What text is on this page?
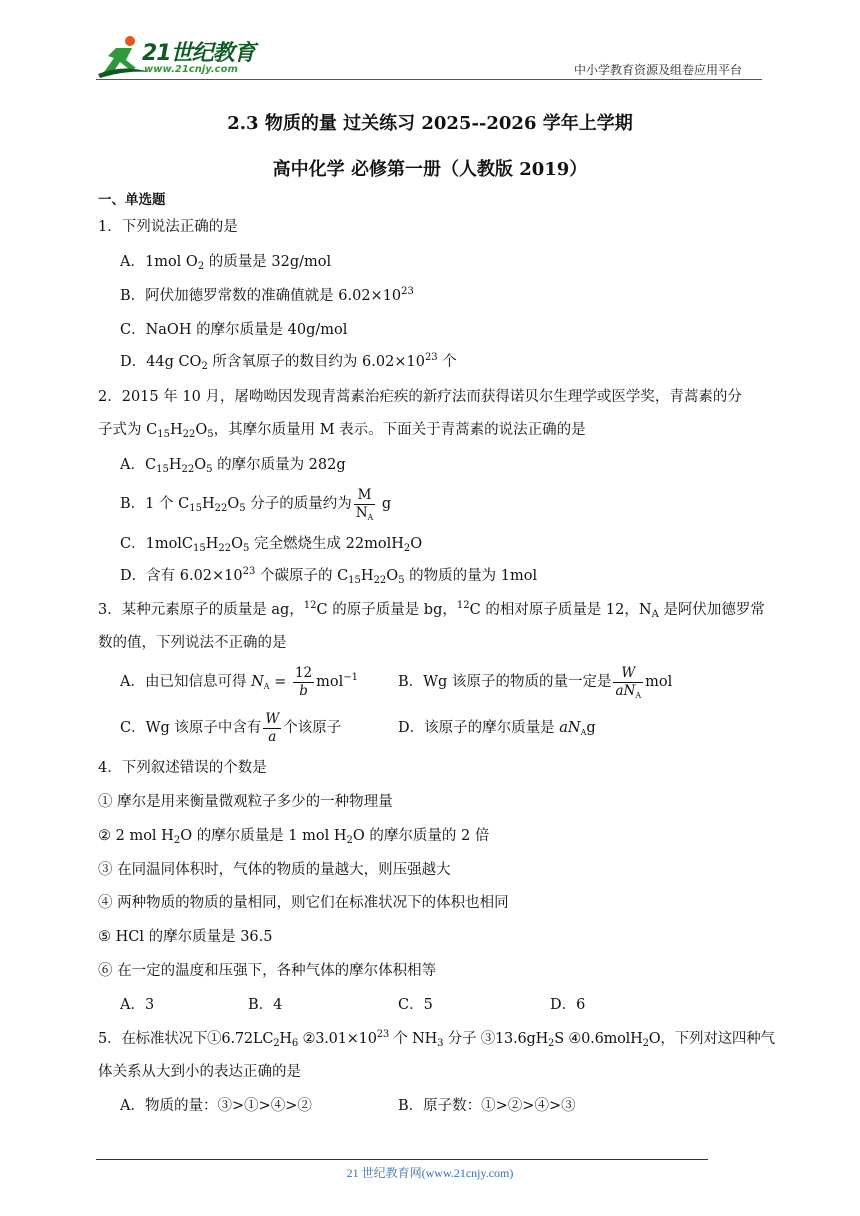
21世纪教育
www.21cnjy.com	中小学教育资源及组卷应用平台
2.3 物质的量 过关练习 2025--2026 学年上学期
高中化学 必修第一册（人教版 2019）
一、单选题
1．下列说法正确的是
A．1mol $O_2$ 的质量是 32g/mol
B．阿伏加德罗常数的准确值就是 $6.02\times 10^{23}$
C．NaOH 的摩尔质量是 40g/mol
D．44g $CO_2$ 所含氧原子的数目约为 $6.02\times 10^{23}$ 个
2．2015 年 10 月，屠呦呦因发现青蒿素治疟疾的新疗法而获得诺贝尔生理学或医学奖，青蒿素的分
子式为 $C_{15}H_{22}O_5$，其摩尔质量用 M 表示。下面关于青蒿素的说法正确的是
A．$C_{15}H_{22}O_5$ 的摩尔质量为 282g
B．1 个 $C_{15}H_{22}O_5$ 分子的质量约为 $\frac{M}{N_A}$ g
C．$1molC_{15}H_{22}O_5$ 完全燃烧生成 22molH$_2$O
D．含有 $6.02\times 10^{23}$ 个碳原子的 $C_{15}H_{22}O_5$ 的物质的量为 1mol
3．某种元素原子的质量是 ag，$^{12}$C 的原子质量是 bg，$^{12}$C 的相对原子质量是 12，$N_A$ 是阿伏加德罗常
数的值，下列说法不正确的是
A．由已知信息可得 $N_A = \frac{12}{b} mol^{-1}$	B．Wg 该原子的物质的量一定是 $\frac{W}{aN_A}$ mol
C．Wg 该原子中含有 $\frac{W}{a}$ 个该原子	D．该原子的摩尔质量是 $aN_Ag$
4．下列叙述错误的个数是
① 摩尔是用来衡量微观粒子多少的一种物理量
② 2 mol $H_2O$ 的摩尔质量是 1 mol $H_2O$ 的摩尔质量的 2 倍
③ 在同温同体积时，气体的物质的量越大，则压强越大
④ 两种物质的物质的量相同，则它们在标准状况下的体积也相同
⑤ HCl 的摩尔质量是 36.5
⑥ 在一定的温度和压强下，各种气体的摩尔体积相等
A．3	B．4	C．5	D．6
5．在标准状况下$①6.72LC_2H_6$ $②3.01\times 10^{23}$ 个 $NH_3$ 分子 $③13.6gH_2S$ ④0.6molH$_2$O，下列对这四种气
体关系从大到小的表达正确的是
A．物质的量：③>①>④>②	B．原子数：①>②>④>③
21 世纪教育网(www.21cnjy.com)
